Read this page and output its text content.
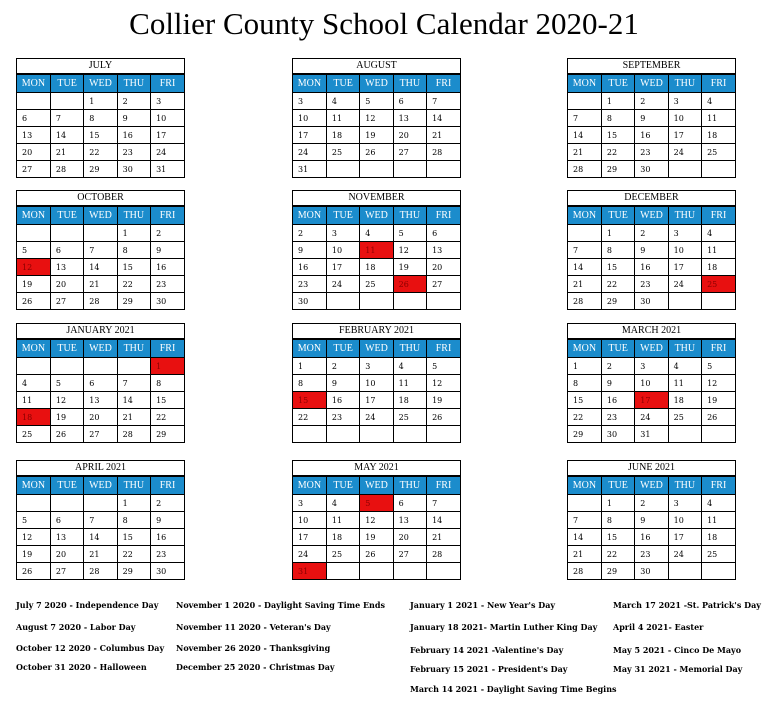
Collier County School Calendar 2020-21
JULY
MON	TUE	WED	THU	FRI
		1	2	3
6	7	8	9	10
13	14	15	16	17
20	21	22	23	24
27	28	29	30	31
AUGUST
MON	TUE	WED	THU	FRI
3	4	5	6	7
10	11	12	13	14
17	18	19	20	21
24	25	26	27	28
31				
SEPTEMBER
MON	TUE	WED	THU	FRI
	1	2	3	4
7	8	9	10	11
14	15	16	17	18
21	22	23	24	25
28	29	30		
OCTOBER
MON	TUE	WED	THU	FRI
			1	2
5	6	7	8	9
12	13	14	15	16
19	20	21	22	23
26	27	28	29	30
NOVEMBER
MON	TUE	WED	THU	FRI
2	3	4	5	6
9	10	11	12	13
16	17	18	19	20
23	24	25	26	27
30				
DECEMBER
MON	TUE	WED	THU	FRI
	1	2	3	4
7	8	9	10	11
14	15	16	17	18
21	22	23	24	25
28	29	30		
JANUARY 2021
MON	TUE	WED	THU	FRI
				1
4	5	6	7	8
11	12	13	14	15
18	19	20	21	22
25	26	27	28	29
FEBRUARY 2021
MON	TUE	WED	THU	FRI
1	2	3	4	5
8	9	10	11	12
15	16	17	18	19
22	23	24	25	26

MARCH 2021
MON	TUE	WED	THU	FRI
1	2	3	4	5
8	9	10	11	12
15	16	17	18	19
22	23	24	25	26
29	30	31		
APRIL 2021
MON	TUE	WED	THU	FRI
			1	2
5	6	7	8	9
12	13	14	15	16
19	20	21	22	23
26	27	28	29	30
MAY 2021
MON	TUE	WED	THU	FRI
3	4	5	6	7
10	11	12	13	14
17	18	19	20	21
24	25	26	27	28
31				
JUNE 2021
MON	TUE	WED	THU	FRI
	1	2	3	4
7	8	9	10	11
14	15	16	17	18
21	22	23	24	25
28	29	30		
July 7 2020 - Independence Day
August 7 2020 - Labor Day
October 12 2020 - Columbus Day
October 31 2020 - Halloween
November 1 2020 - Daylight Saving Time Ends
November 11 2020 - Veteran's Day
November 26 2020 - Thanksgiving
December 25 2020 - Christmas Day
January 1 2021 - New Year's Day
January 18 2021- Martin Luther King Day
February 14 2021 -Valentine's Day
February 15 2021 - President's Day
March 14 2021 - Daylight Saving Time Begins
March 17 2021 -St. Patrick's Day
April 4 2021- Easter
May 5 2021 - Cinco De Mayo
May 31 2021 - Memorial Day
